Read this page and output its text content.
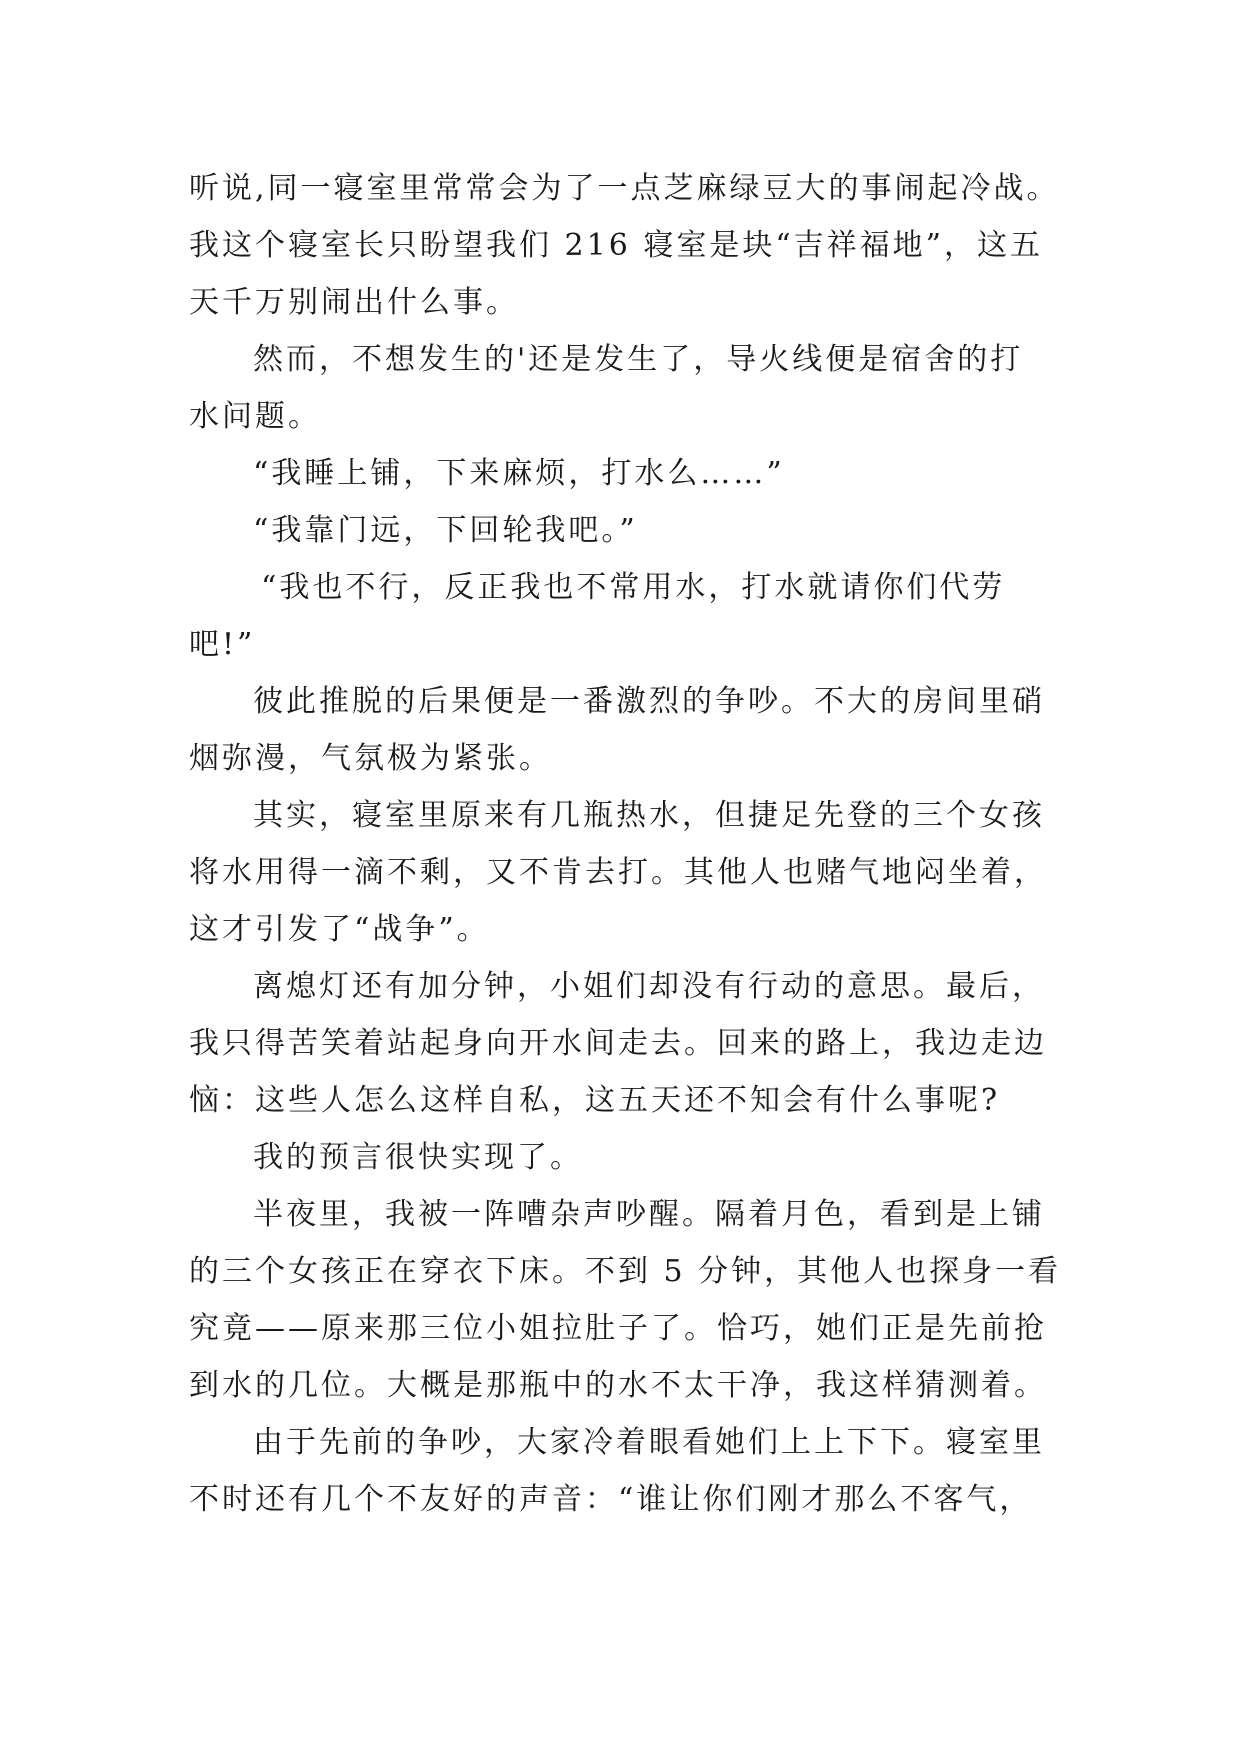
听说,同一寝室里常常会为了一点芝麻绿豆大的事闹起冷战。
我这个寝室长只盼望我们 216 寝室是块“吉祥福地”，这五
天千万别闹出什么事。
然而，不想发生的'还是发生了，导火线便是宿舍的打
水问题。
“我睡上铺，下来麻烦，打水么……”
“我靠门远，下回轮我吧。”
“我也不行，反正我也不常用水，打水就请你们代劳
吧!”
彼此推脱的后果便是一番激烈的争吵。不大的房间里硝
烟弥漫，气氛极为紧张。
其实，寝室里原来有几瓶热水，但捷足先登的三个女孩
将水用得一滴不剩，又不肯去打。其他人也赌气地闷坐着，
这才引发了“战争”。
离熄灯还有加分钟，小姐们却没有行动的意思。最后，
我只得苦笑着站起身向开水间走去。回来的路上，我边走边
恼：这些人怎么这样自私，这五天还不知会有什么事呢?
我的预言很快实现了。
半夜里，我被一阵嘈杂声吵醒。隔着月色，看到是上铺
的三个女孩正在穿衣下床。不到 5 分钟，其他人也探身一看
究竟——原来那三位小姐拉肚子了。恰巧，她们正是先前抢
到水的几位。大概是那瓶中的水不太干净，我这样猜测着。
由于先前的争吵，大家冷着眼看她们上上下下。寝室里
不时还有几个不友好的声音：“谁让你们刚才那么不客气，
